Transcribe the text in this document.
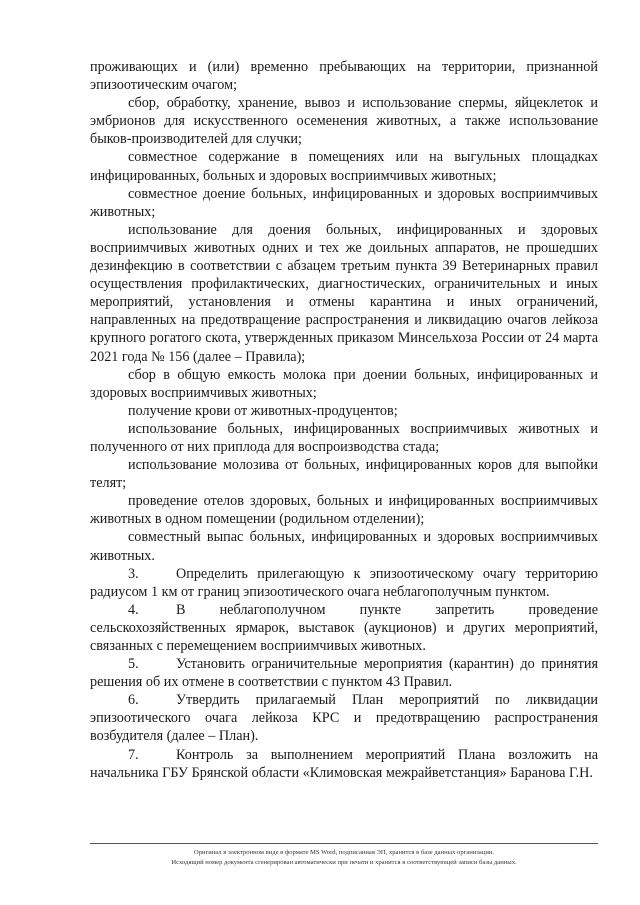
проживающих и (или) временно пребывающих на территории, признанной эпизоотическим очагом;

сбор, обработку, хранение, вывоз и использование спермы, яйцеклеток и эмбрионов для искусственного осеменения животных, а также использование быков-производителей для случки;

совместное содержание в помещениях или на выгульных площадках инфицированных, больных и здоровых восприимчивых животных;

совместное доение больных, инфицированных и здоровых восприимчивых животных;

использование для доения больных, инфицированных и здоровых восприимчивых животных одних и тех же доильных аппаратов, не прошедших дезинфекцию в соответствии с абзацем третьим пункта 39 Ветеринарных правил осуществления профилактических, диагностических, ограничительных и иных мероприятий, установления и отмены карантина и иных ограничений, направленных на предотвращение распространения и ликвидацию очагов лейкоза крупного рогатого скота, утвержденных приказом Минсельхоза России от 24 марта 2021 года № 156 (далее – Правила);

сбор в общую емкость молока при доении больных, инфицированных и здоровых восприимчивых животных;

получение крови от животных-продуцентов;

использование больных, инфицированных восприимчивых животных и полученного от них приплода для воспроизводства стада;

использование молозива от больных, инфицированных коров для выпойки телят;

проведение отелов здоровых, больных и инфицированных восприимчивых животных в одном помещении (родильном отделении);

совместный выпас больных, инфицированных и здоровых восприимчивых животных.

3.	Определить прилегающую к эпизоотическому очагу территорию радиусом 1 км от границ эпизоотического очага неблагополучным пунктом.

4.	В неблагополучном пункте запретить проведение сельскохозяйственных ярмарок, выставок (аукционов) и других мероприятий, связанных с перемещением восприимчивых животных.

5.	Установить ограничительные мероприятия (карантин) до принятия решения об их отмене в соответствии с пунктом 43 Правил.

6.	Утвердить прилагаемый План мероприятий по ликвидации эпизоотического очага лейкоза КРС и предотвращению распространения возбудителя (далее – План).

7.	Контроль за выполнением мероприятий Плана возложить на начальника ГБУ Брянской области «Климовская межрайветстанция» Баранова Г.Н.

Оригинал в электронном виде в формате MS Word, подписанная ЭП, хранится в базе данных организации.
Исходящий номер документа сгенерирован автоматически при печати и хранится в соответствующей записи базы данных.
